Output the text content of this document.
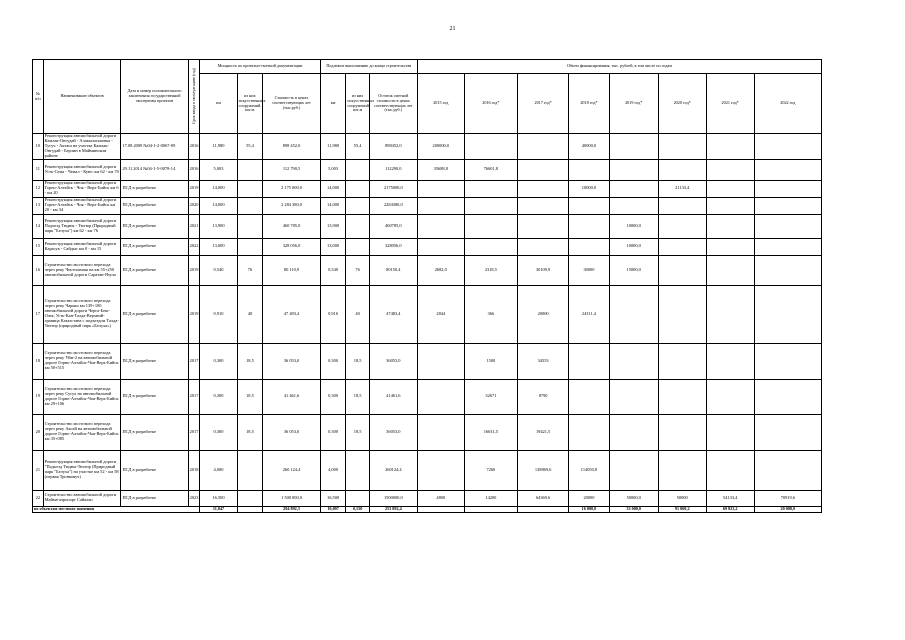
21
№ п/п	Наименование объектов	Дата и номер положительного заключения государственной экспертизы проектов	Срок ввода в эксплуатацию (год)	Мощность по проектно-сметной документации			Подлежит выполнению до конца строительства			Объем финансирования, тыс. рублей, в том числе по годам							
				км	из них искусственных сооружений, пог.м.	Стоимость в ценах соответствующих лет (тыс.руб.)	км	из них искусственных сооружений, пог.м	Остаток сметной стоимости в ценах соответствующих лет (тыс.руб.)	2015 год	2016 год*	2017 год*	2018 год*	2019 год*	2020 год*	2021 год*	2022 год
10	Реконструкция автомобильной дороги Камлак-Онгудай - Алакылопшовка - Тугуч - Акташ на участке Камлак-Онгудай - Берлин в Майминском районе	17.08.2009 №04-1-2-0067-09	2016	11,980	55,4	898 452,0	11,980	55,4	898452,0	200000,0			40000,0				
11	Реконструкция автомобильной дороги Усть-Сема - Чемал - Куюс км 62 - км 70	29.11.2014 №04-1-5-0078-14	2016	5,003		112 790,5	5,003		112290,0	35688,8	76601,8						
12	Реконструкция автомобильной дороги Горно-Алтайск - Чоя - Верх-Бийск км 6 - км 20	ПСД в разработке	2019	14,000		2 175 000,0	14,000		2175000,0				10000,0		21133,4		
13	Реконструкция автомобильной дороги Горно-Алтайск - Чоя - Верх-Бийск км 20 - км 34	ПСД в разработке	2020	14,000		2 284 380,0	14,000		2284380,0								
14	Реконструкция автомобильной дороги Подъезд Тюдюк - Тюгюр (Природный парк "Белуха") км 62 - км 76	ПСД в разработке	2021	13,900		460 785,0	13,900		460785,0					10000,0			
15	Реконструкция автомобильной дороги Карасук - Сайдыс км 0 - км 15	ПСД в разработке	2022	13,000		328 056,0	13,000		328056,0					10000,0			
16	Строительство мостового перехода через реку Чистошмаш на км 55+250 автомобильной дороги Саратан-Язула	ПСД в разработке	2019	0,540	76	80 110,9	0,540	76	80150,4	2682,0	2318,5	30109,9	30000	15000,0			
17	Строительство мостового перехода через реку Чарыш км 139+100 автомобильной дороги Черга-Беш-Озек, Усть-Кан-Талда-Верхний-граница Казахстана с подъездом Талда-Тюгюр (природный парк «Белуха»)	ПСД в разработке	2019	0,910	40	47 483,4	0,916	40	47483,4	2844	366	20000	24311,4				
18	Строительство мостового перехода через реку Уйм-2 на автомобильной дороге Горно-Алтайск-Чоя-Верх-Бийск км 50+515	ПСД в разработке	2017	0,300	18,5	36 053,0	0,300	18,5	36053,0		1500	34553					
19	Строительство мостового перехода через реку Сугул на автомобильной дороге Горно-Алтайск-Чоя-Верх-Бийск км 29+106	ПСД в разработке	2017	0,300	18,5	41 461,6	0,300	18,5	41461,6		32671	8790					
20	Строительство мостового перехода через реку Аксай на автомобильной дороге Горно-Алтайск-Чоя-Верх-Бийск км 35+085	ПСД в разработке	2017	0,300	18,5	36 053,0	0,300	18,5	36053,0		16631,5	19421,5					
21	Реконструкция автомобильной дороги "Подъезд Тюдюк-Тюгюр (Природный парк "Белуха") на участке км 52 - км 58 (первая Тронковуч)	ПСД в разработке	2018	4,000		260 124,4	4,000		260124,4		7260	138869,6	114050,8				
22	Строительство автомобильной дороги Майма-аэропорт Сайалап	ПСД в разработке	2023	16,500		1 500 000,0	16,500		1500000,0	4800	14200	64369,6	20000	50000,0	50000	54133,4	70919,6
по объектам местного значения				11,047		294 892,3	10,097	0,150	253 892,4				16 000,0	33 000,0	91 069,2	69 823,2	20 000,0
